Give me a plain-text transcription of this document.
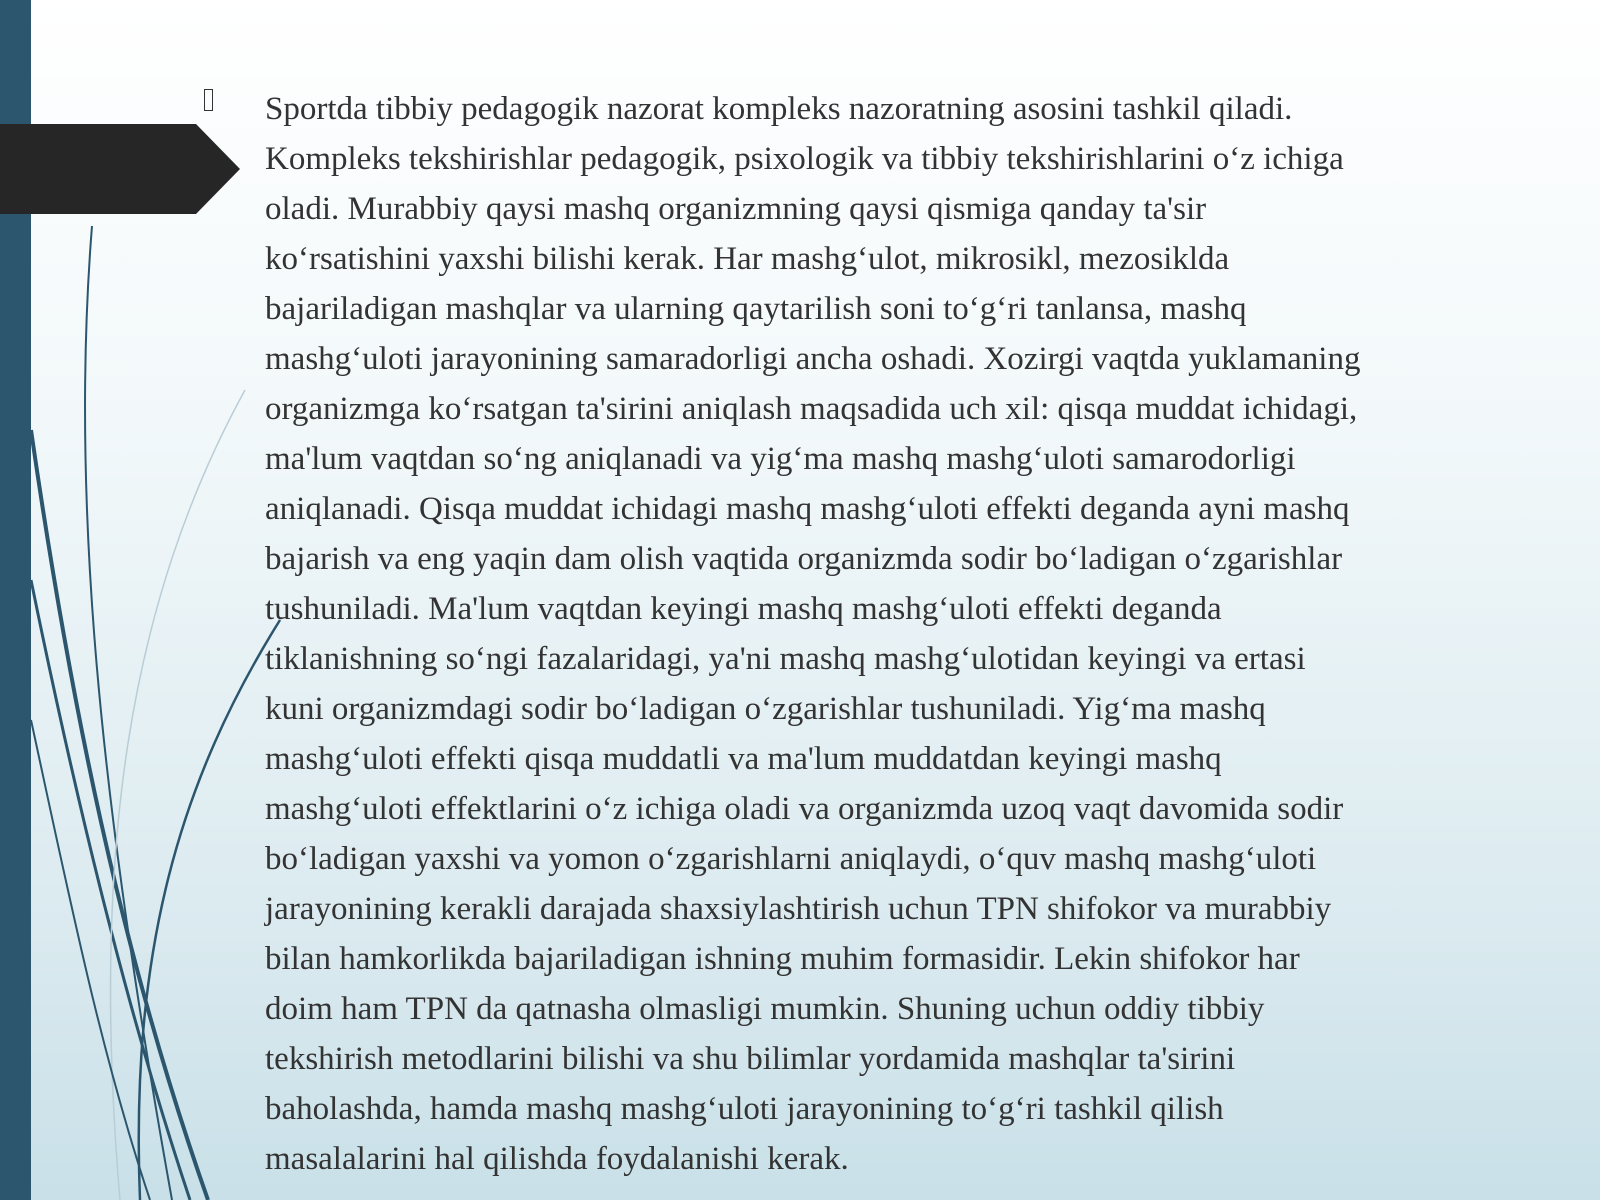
Sportda tibbiy pedagogik nazorat kompleks nazoratning asosini tashkil qiladi.
Kompleks tekshirishlar pedagogik, psixologik va tibbiy tekshirishlarini o‘z ichiga
oladi. Murabbiy qaysi mashq organizmning qaysi qismiga qanday ta'sir
ko‘rsatishini yaxshi bilishi kerak. Har mashg‘ulot, mikrosikl, mezosiklda
bajariladigan mashqlar va ularning qaytarilish soni to‘g‘ri tanlansa, mashq
mashg‘uloti jarayonining samaradorligi ancha oshadi. Xozirgi vaqtda yuklamaning
organizmga ko‘rsatgan ta'sirini aniqlash maqsadida uch xil: qisqa muddat ichidagi,
ma'lum vaqtdan so‘ng aniqlanadi va yig‘ma mashq mashg‘uloti samarodorligi
aniqlanadi. Qisqa muddat ichidagi mashq mashg‘uloti effekti deganda ayni mashq
bajarish va eng yaqin dam olish vaqtida organizmda sodir bo‘ladigan o‘zgarishlar
tushuniladi. Ma'lum vaqtdan keyingi mashq mashg‘uloti effekti deganda
tiklanishning so‘ngi fazalaridagi, ya'ni mashq mashg‘ulotidan keyingi va ertasi
kuni organizmdagi sodir bo‘ladigan o‘zgarishlar tushuniladi. Yig‘ma mashq
mashg‘uloti effekti qisqa muddatli va ma'lum muddatdan keyingi mashq
mashg‘uloti effektlarini o‘z ichiga oladi va organizmda uzoq vaqt davomida sodir
bo‘ladigan yaxshi va yomon o‘zgarishlarni aniqlaydi, o‘quv mashq mashg‘uloti
jarayonining kerakli darajada shaxsiylashtirish uchun TPN shifokor va murabbiy
bilan hamkorlikda bajariladigan ishning muhim formasidir. Lekin shifokor har
doim ham TPN da qatnasha olmasligi mumkin. Shuning uchun oddiy tibbiy
tekshirish metodlarini bilishi va shu bilimlar yordamida mashqlar ta'sirini
baholashda, hamda mashq mashg‘uloti jarayonining to‘g‘ri tashkil qilish
masalalarini hal qilishda foydalanishi kerak.
